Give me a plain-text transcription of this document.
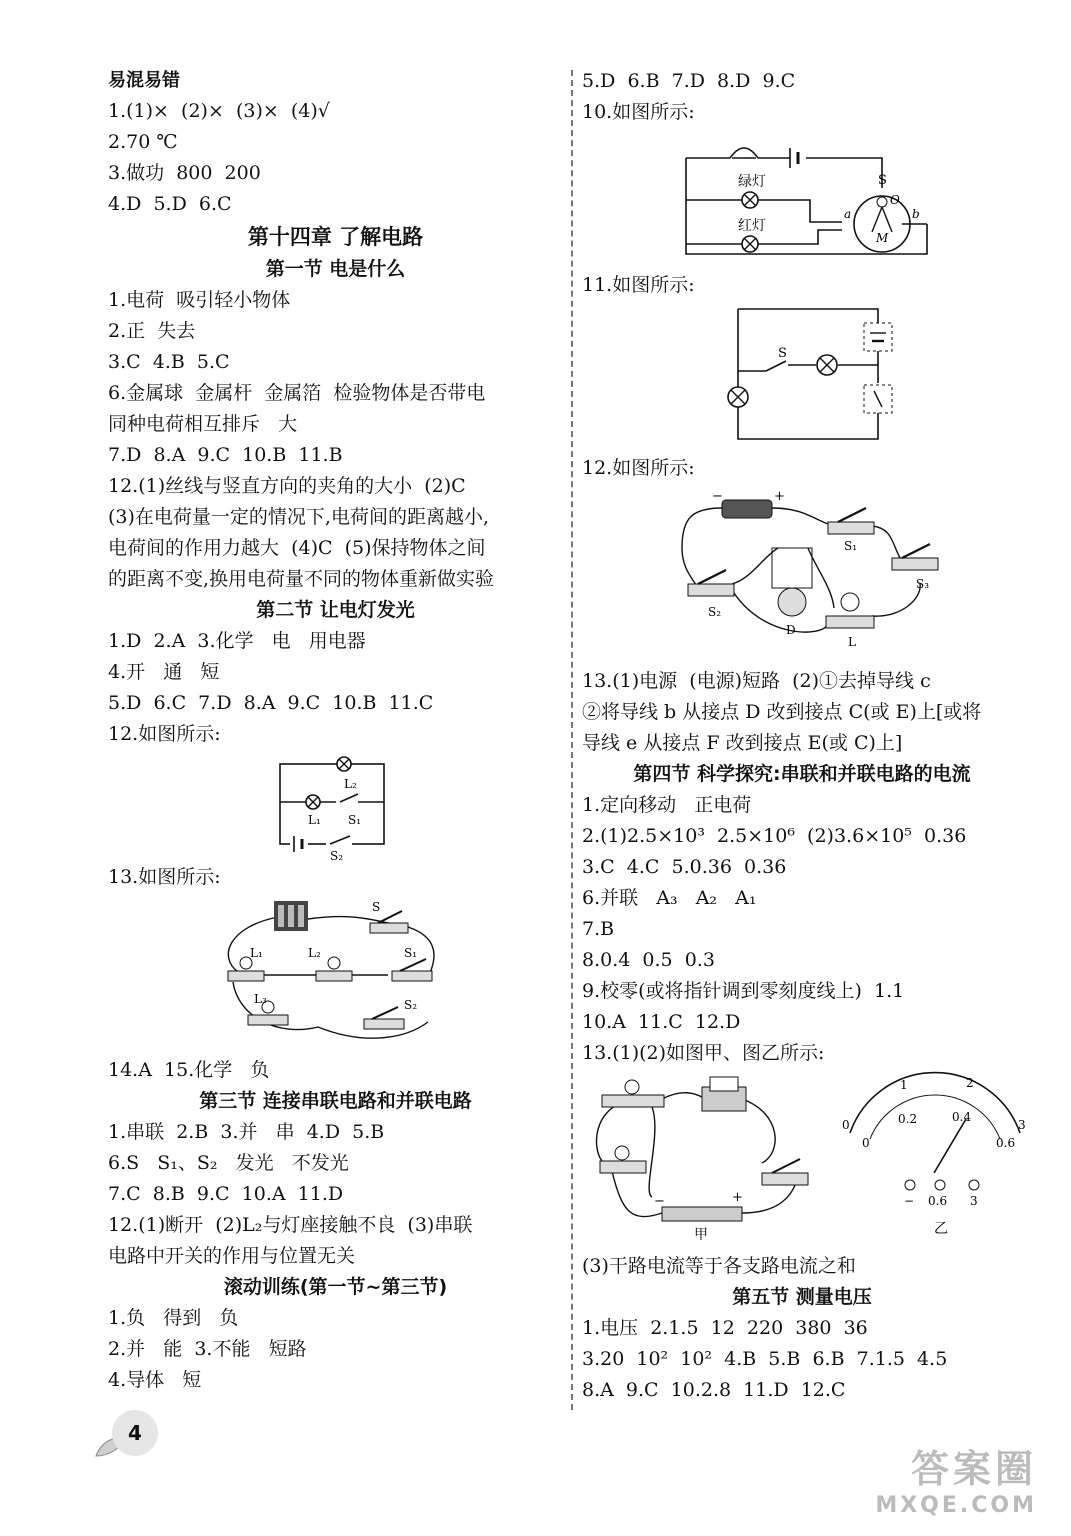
易混易错
1.(1)×  (2)×  (3)×  (4)√
2.70 ℃
3.做功  800  200
4.D  5.D  6.C
第十四章 了解电路
第一节 电是什么
1.电荷  吸引轻小物体
2.正  失去
3.C  4.B  5.C
6.金属球  金属杆  金属箔  检验物体是否带电
同种电荷相互排斥   大
7.D  8.A  9.C  10.B  11.B
12.(1)丝线与竖直方向的夹角的大小  (2)C
(3)在电荷量一定的情况下,电荷间的距离越小,
电荷间的作用力越大  (4)C  (5)保持物体之间
的距离不变,换用电荷量不同的物体重新做实验
第二节 让电灯发光
1.D  2.A  3.化学   电   用电器
4.开   通   短
5.D  6.C  7.D  8.A  9.C  10.B  11.C
12.如图所示:
L₂
L₁ S₁
S₂
13.如图所示:
S
L₁	L₂	S₁
L₃	S₂
14.A  15.化学   负
第三节 连接串联电路和并联电路
1.串联  2.B  3.并   串  4.D  5.B
6.S   S₁、S₂   发光   不发光
7.C  8.B  9.C  10.A  11.D
12.(1)断开  (2)L₂与灯座接触不良  (3)串联
电路中开关的作用与位置无关
滚动训练(第一节~第三节)
1.负   得到   负
2.并   能  3.不能   短路
4.导体   短
5.D  6.B  7.D  8.D  9.C
10.如图所示:
绿灯
红灯
S
O
a	b
M
11.如图所示:
S
12.如图所示:
−	+
S₁
S₂
S₃
D
L
13.(1)电源  (电源)短路  (2)①去掉导线 c
②将导线 b 从接点 D 改到接点 C(或 E)上[或将
导线 e 从接点 F 改到接点 E(或 C)上]
第四节 科学探究:串联和并联电路的电流
1.定向移动   正电荷
2.(1)2.5×10³  2.5×10⁶  (2)3.6×10⁵  0.36
3.C  4.C  5.0.36  0.36
6.并联   A₃   A₂   A₁
7.B
8.0.4  0.5  0.3
9.校零(或将指针调到零刻度线上)  1.1
10.A  11.C  12.D
13.(1)(2)如图甲、图乙所示:
−	+
甲
0
1	2
3
0
0.2	0.4
0.6
− 0.6 3
乙
(3)干路电流等于各支路电流之和
第五节 测量电压
1.电压  2.1.5  12  220  380  36
3.20  10²  10²  4.B  5.B  6.B  7.1.5  4.5
8.A  9.C  10.2.8  11.D  12.C
4
答案圈
MXQE.COM
